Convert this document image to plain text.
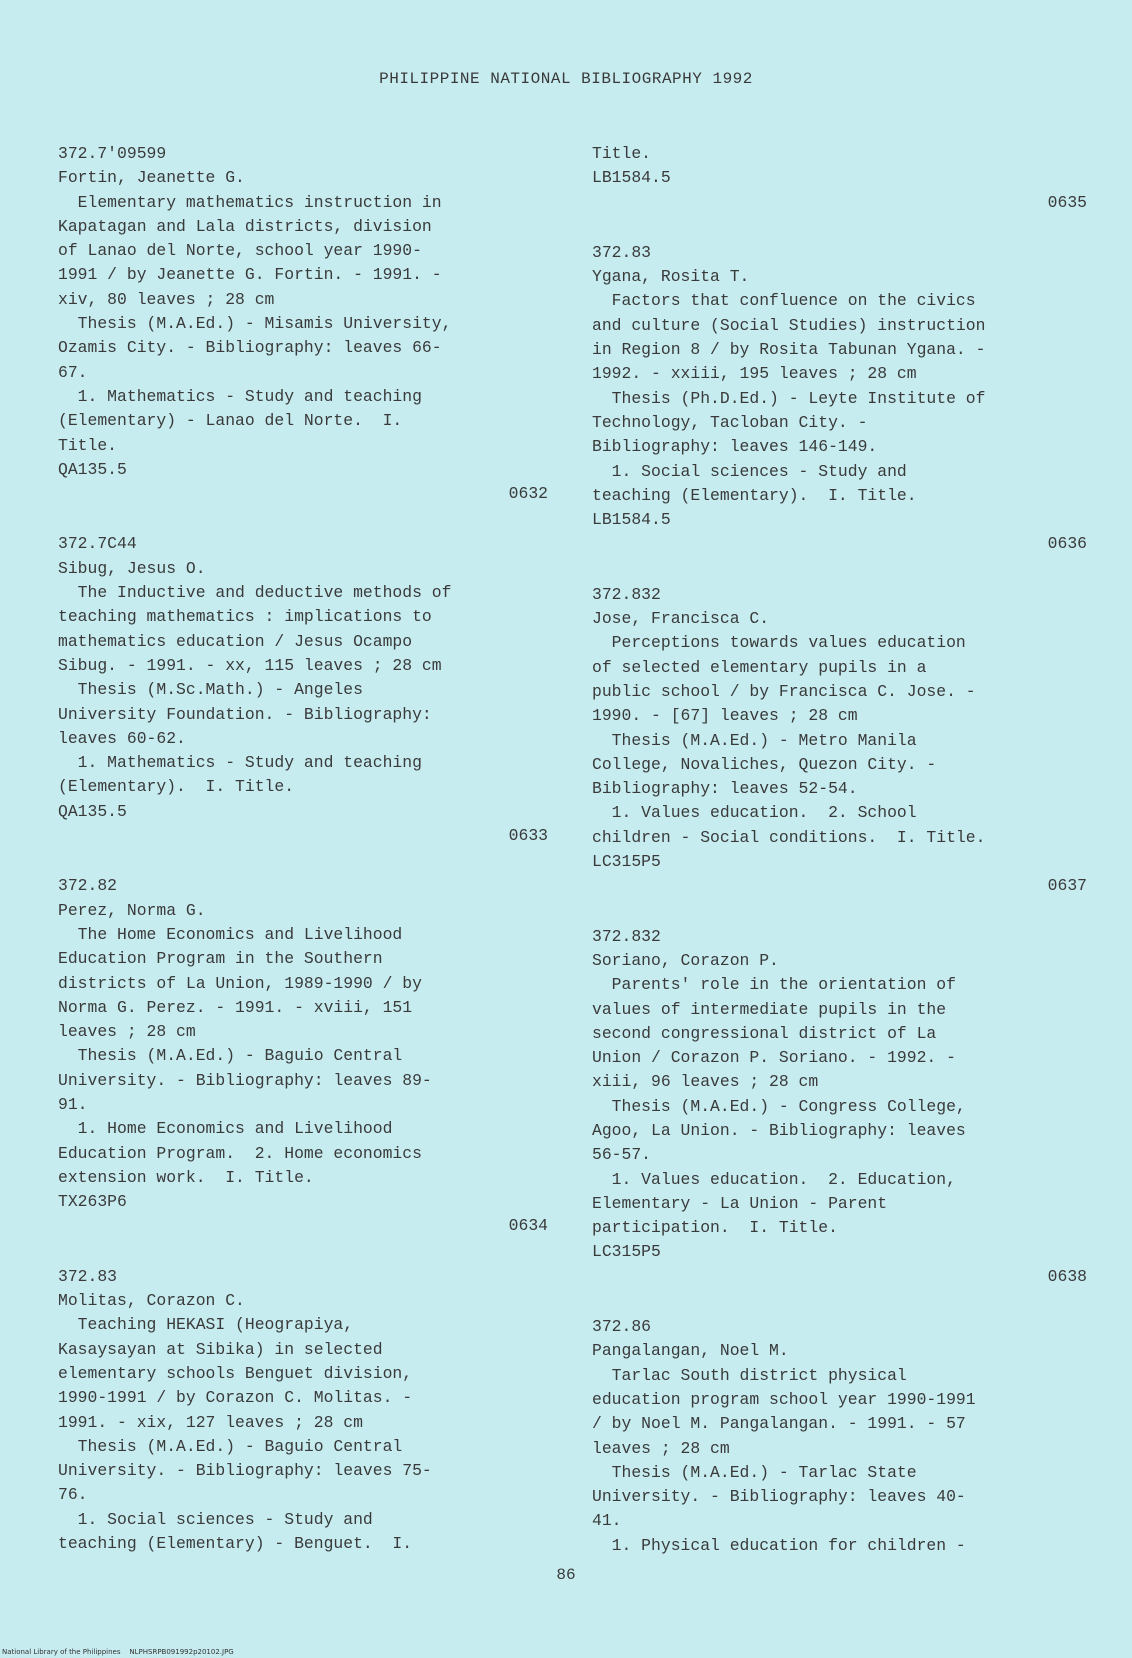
PHILIPPINE NATIONAL BIBLIOGRAPHY 1992
372.7'09599
Fortin, Jeanette G.
Elementary mathematics instruction in
Kapatagan and Lala districts, division
of Lanao del Norte, school year 1990-
1991 / by Jeanette G. Fortin. - 1991. -
xiv, 80 leaves ; 28 cm
Thesis (M.A.Ed.) - Misamis University,
Ozamis City. - Bibliography: leaves 66-
67.
1. Mathematics - Study and teaching
(Elementary) - Lanao del Norte.  I.
Title.
QA135.5
0632
372.7C44
Sibug, Jesus O.
The Inductive and deductive methods of
teaching mathematics : implications to
mathematics education / Jesus Ocampo
Sibug. - 1991. - xx, 115 leaves ; 28 cm
Thesis (M.Sc.Math.) - Angeles
University Foundation. - Bibliography:
leaves 60-62.
1. Mathematics - Study and teaching
(Elementary).  I. Title.
QA135.5
0633
372.82
Perez, Norma G.
The Home Economics and Livelihood
Education Program in the Southern
districts of La Union, 1989-1990 / by
Norma G. Perez. - 1991. - xviii, 151
leaves ; 28 cm
Thesis (M.A.Ed.) - Baguio Central
University. - Bibliography: leaves 89-
91.
1. Home Economics and Livelihood
Education Program.  2. Home economics
extension work.  I. Title.
TX263P6
0634
372.83
Molitas, Corazon C.
Teaching HEKASI (Heograpiya,
Kasaysayan at Sibika) in selected
elementary schools Benguet division,
1990-1991 / by Corazon C. Molitas. -
1991. - xix, 127 leaves ; 28 cm
Thesis (M.A.Ed.) - Baguio Central
University. - Bibliography: leaves 75-
76.
1. Social sciences - Study and
teaching (Elementary) - Benguet.  I.
Title.
LB1584.5
0635
372.83
Ygana, Rosita T.
Factors that confluence on the civics
and culture (Social Studies) instruction
in Region 8 / by Rosita Tabunan Ygana. -
1992. - xxiii, 195 leaves ; 28 cm
Thesis (Ph.D.Ed.) - Leyte Institute of
Technology, Tacloban City. -
Bibliography: leaves 146-149.
1. Social sciences - Study and
teaching (Elementary).  I. Title.
LB1584.5
0636
372.832
Jose, Francisca C.
Perceptions towards values education
of selected elementary pupils in a
public school / by Francisca C. Jose. -
1990. - [67] leaves ; 28 cm
Thesis (M.A.Ed.) - Metro Manila
College, Novaliches, Quezon City. -
Bibliography: leaves 52-54.
1. Values education.  2. School
children - Social conditions.  I. Title.
LC315P5
0637
372.832
Soriano, Corazon P.
Parents' role in the orientation of
values of intermediate pupils in the
second congressional district of La
Union / Corazon P. Soriano. - 1992. -
xiii, 96 leaves ; 28 cm
Thesis (M.A.Ed.) - Congress College,
Agoo, La Union. - Bibliography: leaves
56-57.
1. Values education.  2. Education,
Elementary - La Union - Parent
participation.  I. Title.
LC315P5
0638
372.86
Pangalangan, Noel M.
Tarlac South district physical
education program school year 1990-1991
/ by Noel M. Pangalangan. - 1991. - 57
leaves ; 28 cm
Thesis (M.A.Ed.) - Tarlac State
University. - Bibliography: leaves 40-
41.
1. Physical education for children -
86
National Library of the Philippines    NLPHSRPB091992p20102.JPG
